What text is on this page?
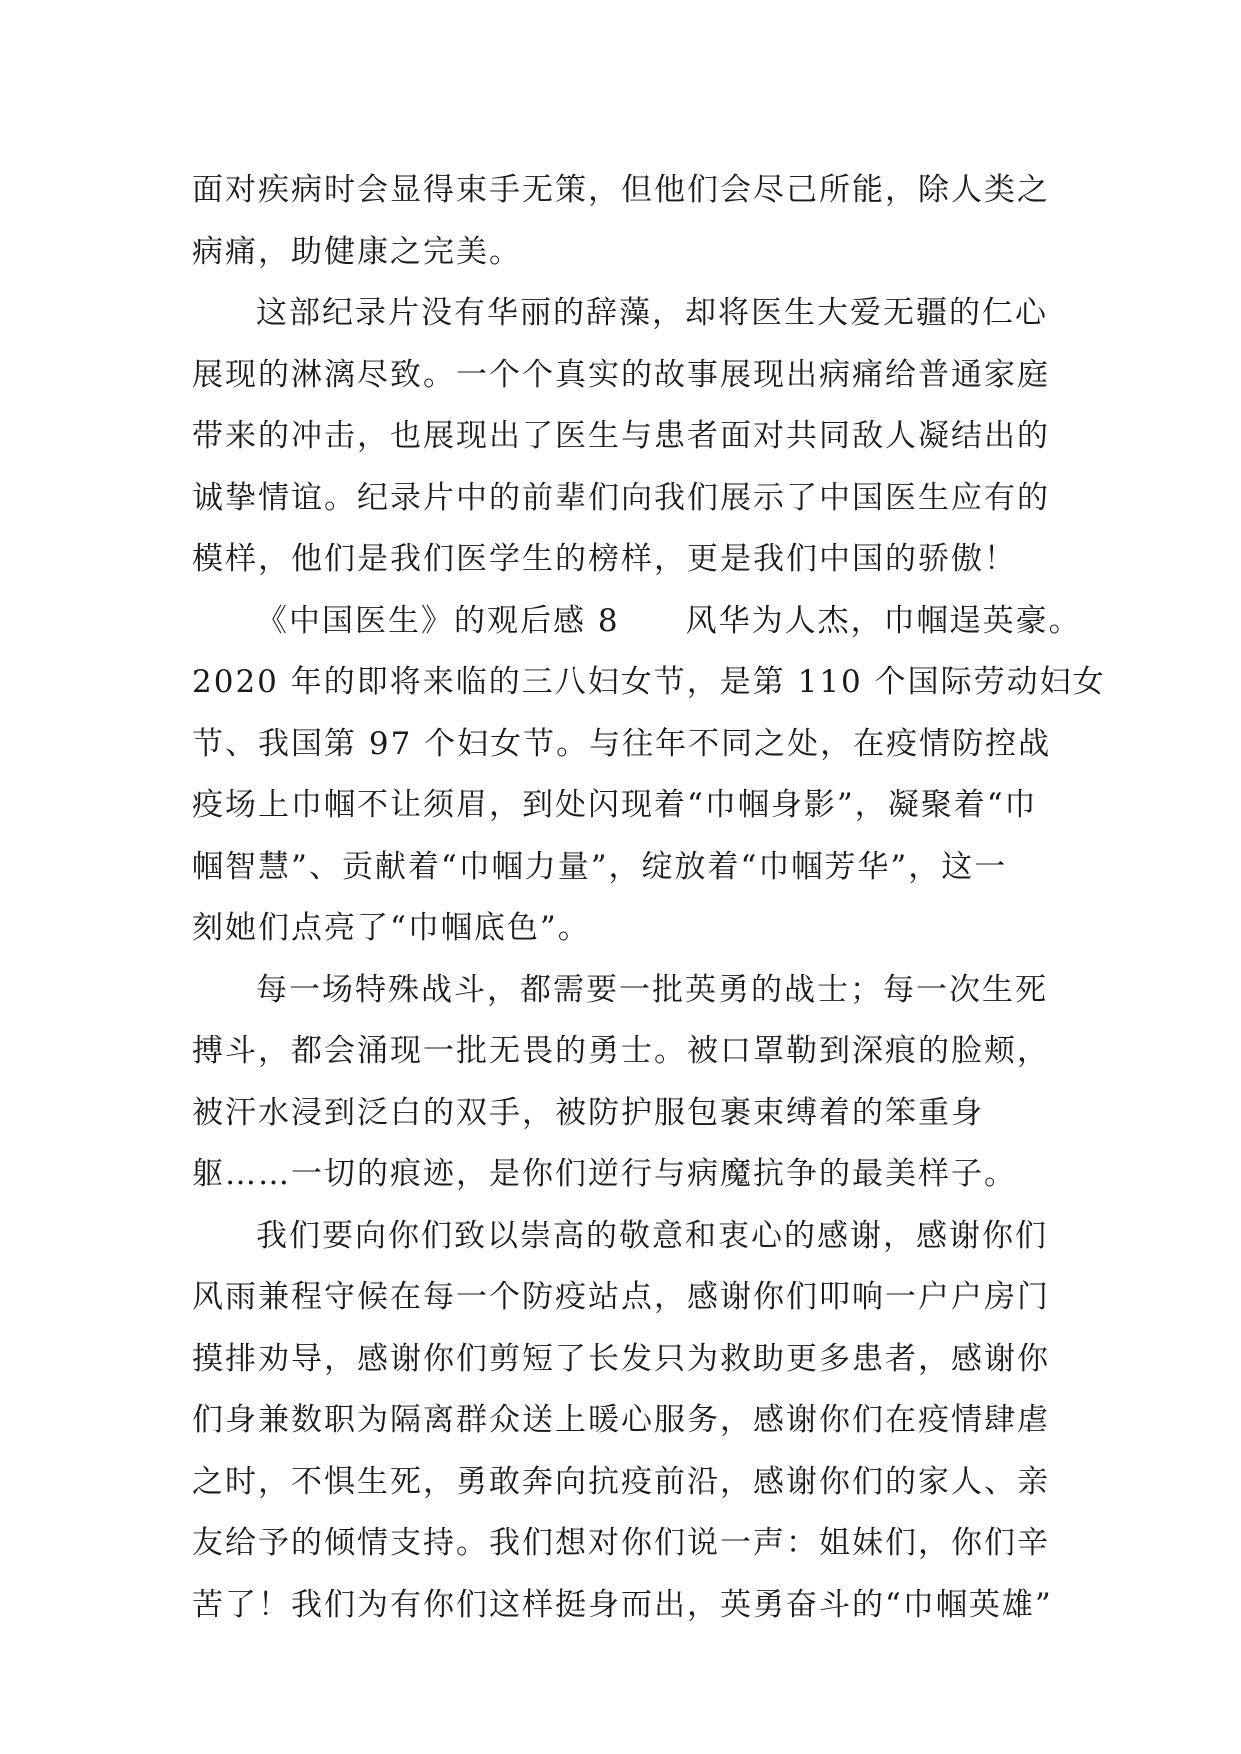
面对疾病时会显得束手无策，但他们会尽己所能，除人类之
病痛，助健康之完美。
这部纪录片没有华丽的辞藻，却将医生大爱无疆的仁心
展现的淋漓尽致。一个个真实的故事展现出病痛给普通家庭
带来的冲击，也展现出了医生与患者面对共同敌人凝结出的
诚挚情谊。纪录片中的前辈们向我们展示了中国医生应有的
模样，他们是我们医学生的榜样，更是我们中国的骄傲！
《中国医生》的观后感 8　　风华为人杰，巾帼逞英豪。
2020 年的即将来临的三八妇女节，是第 110 个国际劳动妇女
节、我国第 97 个妇女节。与往年不同之处，在疫情防控战
疫场上巾帼不让须眉，到处闪现着“巾帼身影”，凝聚着“巾
帼智慧”、贡献着“巾帼力量”，绽放着“巾帼芳华”，这一
刻她们点亮了“巾帼底色”。
每一场特殊战斗，都需要一批英勇的战士；每一次生死
搏斗，都会涌现一批无畏的勇士。被口罩勒到深痕的脸颊，
被汗水浸到泛白的双手，被防护服包裹束缚着的笨重身
躯……一切的痕迹，是你们逆行与病魔抗争的最美样子。
我们要向你们致以崇高的敬意和衷心的感谢，感谢你们
风雨兼程守候在每一个防疫站点，感谢你们叩响一户户房门
摸排劝导，感谢你们剪短了长发只为救助更多患者，感谢你
们身兼数职为隔离群众送上暖心服务，感谢你们在疫情肆虐
之时，不惧生死，勇敢奔向抗疫前沿，感谢你们的家人、亲
友给予的倾情支持。我们想对你们说一声：姐妹们，你们辛
苦了！我们为有你们这样挺身而出，英勇奋斗的“巾帼英雄”
